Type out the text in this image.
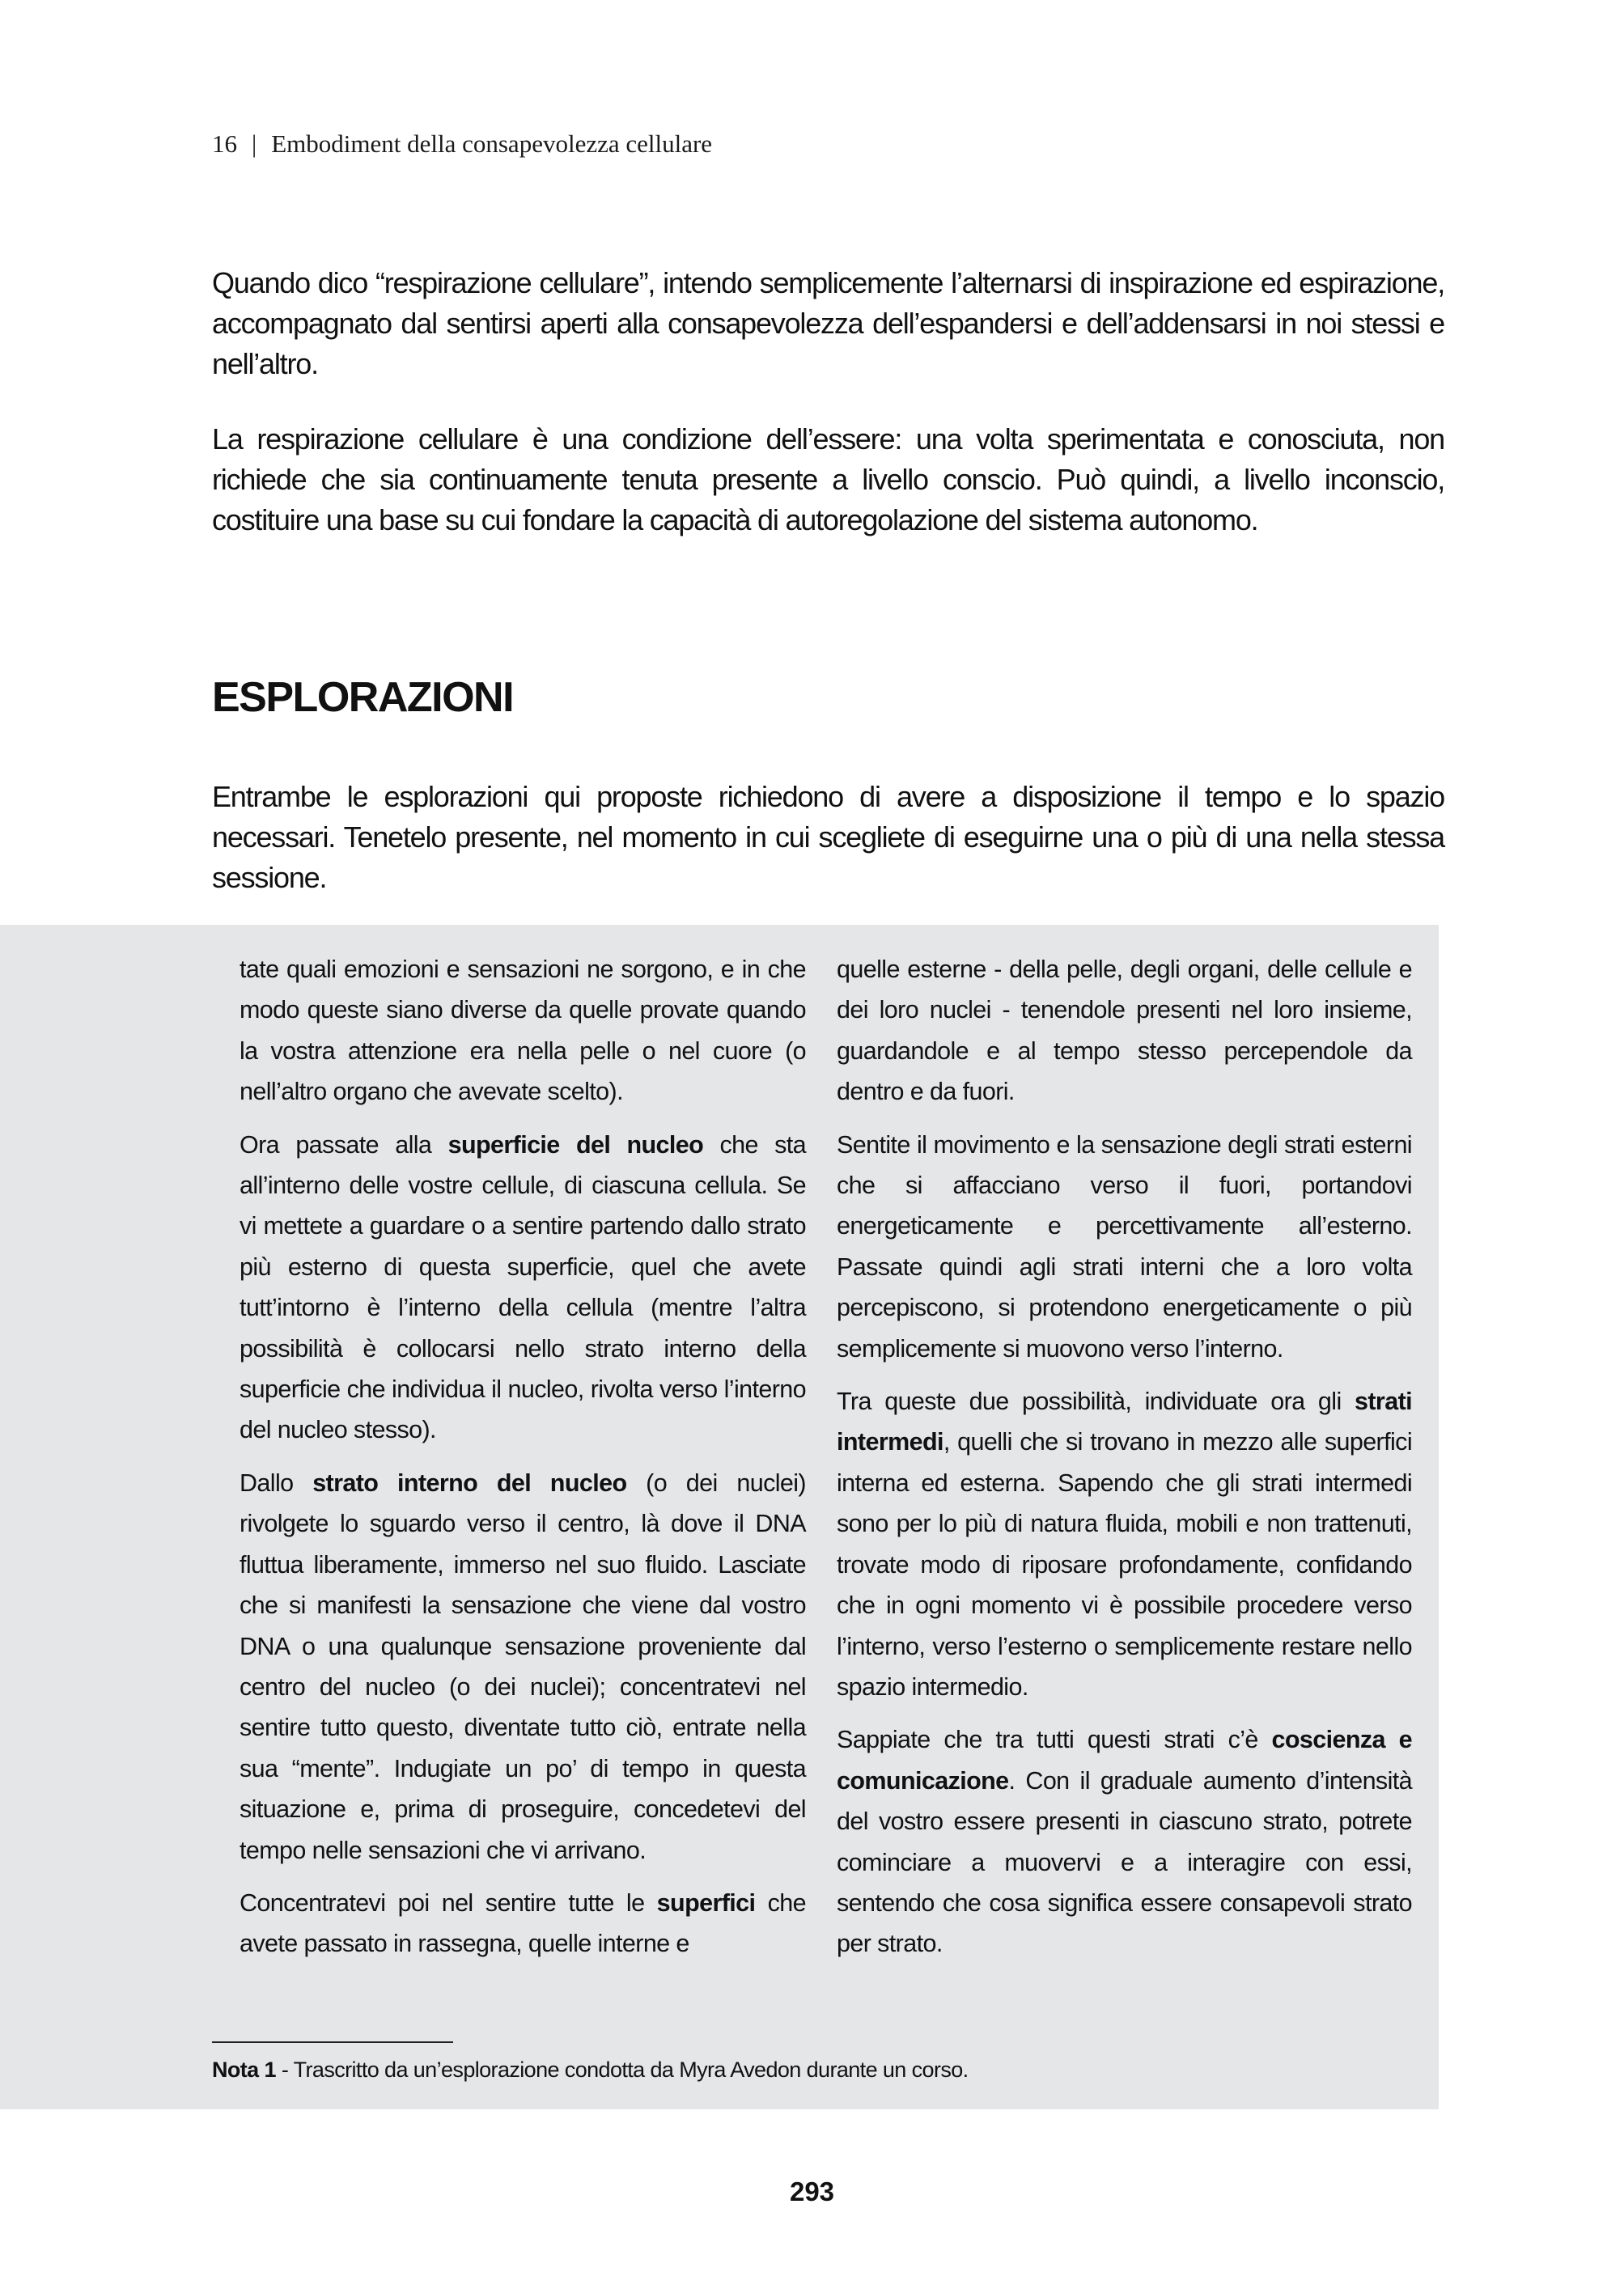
16 | Embodiment della consapevolezza cellulare

Quando dico “respirazione cellulare”, intendo semplicemente l’alternarsi di inspirazione ed espirazione, accompagnato dal sentirsi aperti alla consapevolezza dell’espandersi e dell’addensarsi in noi stessi e nell’altro.

La respirazione cellulare è una condizione dell’essere: una volta sperimentata e conosciuta, non richiede che sia continuamente tenuta presente a livello conscio. Può quindi, a livello inconscio, costituire una base su cui fondare la capacità di autoregolazione del sistema autonomo.

ESPLORAZIONI

Entrambe le esplorazioni qui proposte richiedono di avere a disposizione il tempo e lo spazio necessari. Tenetelo presente, nel momento in cui scegliete di eseguirne una o più di una nella stessa sessione.

tate quali emozioni e sensazioni ne sorgono, e in che modo queste siano diverse da quelle provate quando la vostra attenzione era nella pelle o nel cuore (o nell’altro organo che avevate scelto).

Ora passate alla superficie del nucleo che sta all’interno delle vostre cellule, di ciascuna cellula. Se vi mettete a guardare o a sentire partendo dallo strato più esterno di questa superficie, quel che avete tutt’intorno è l’interno della cellula (mentre l’altra possibilità è collocarsi nello strato interno della superficie che individua il nucleo, rivolta verso l’interno del nucleo stesso).

Dallo strato interno del nucleo (o dei nuclei) rivolgete lo sguardo verso il centro, là dove il DNA fluttua liberamente, immerso nel suo fluido. Lasciate che si manifesti la sensazione che viene dal vostro DNA o una qualunque sensazione proveniente dal centro del nucleo (o dei nuclei); concentratevi nel sentire tutto questo, diventate tutto ciò, entrate nella sua “mente”. Indugiate un po’ di tempo in questa situazione e, prima di proseguire, concedetevi del tempo nelle sensazioni che vi arrivano.

Concentratevi poi nel sentire tutte le superfici che avete passato in rassegna, quelle interne e

quelle esterne - della pelle, degli organi, delle cellule e dei loro nuclei - tenendole presenti nel loro insieme, guardandole e al tempo stesso percependole da dentro e da fuori.

Sentite il movimento e la sensazione degli strati esterni che si affacciano verso il fuori, portandovi energeticamente e percettivamente all’esterno. Passate quindi agli strati interni che a loro volta percepiscono, si protendono energeticamente o più semplicemente si muovono verso l’interno.

Tra queste due possibilità, individuate ora gli strati intermedi, quelli che si trovano in mezzo alle superfici interna ed esterna. Sapendo che gli strati intermedi sono per lo più di natura fluida, mobili e non trattenuti, trovate modo di riposare profondamente, confidando che in ogni momento vi è possibile procedere verso l’interno, verso l’esterno o semplicemente restare nello spazio intermedio.

Sappiate che tra tutti questi strati c’è coscienza e comunicazione. Con il graduale aumento d’intensità del vostro essere presenti in ciascuno strato, potrete cominciare a muovervi e a interagire con essi, sentendo che cosa significa essere consapevoli strato per strato.

Nota 1 - Trascritto da un’esplorazione condotta da Myra Avedon durante un corso.
293
